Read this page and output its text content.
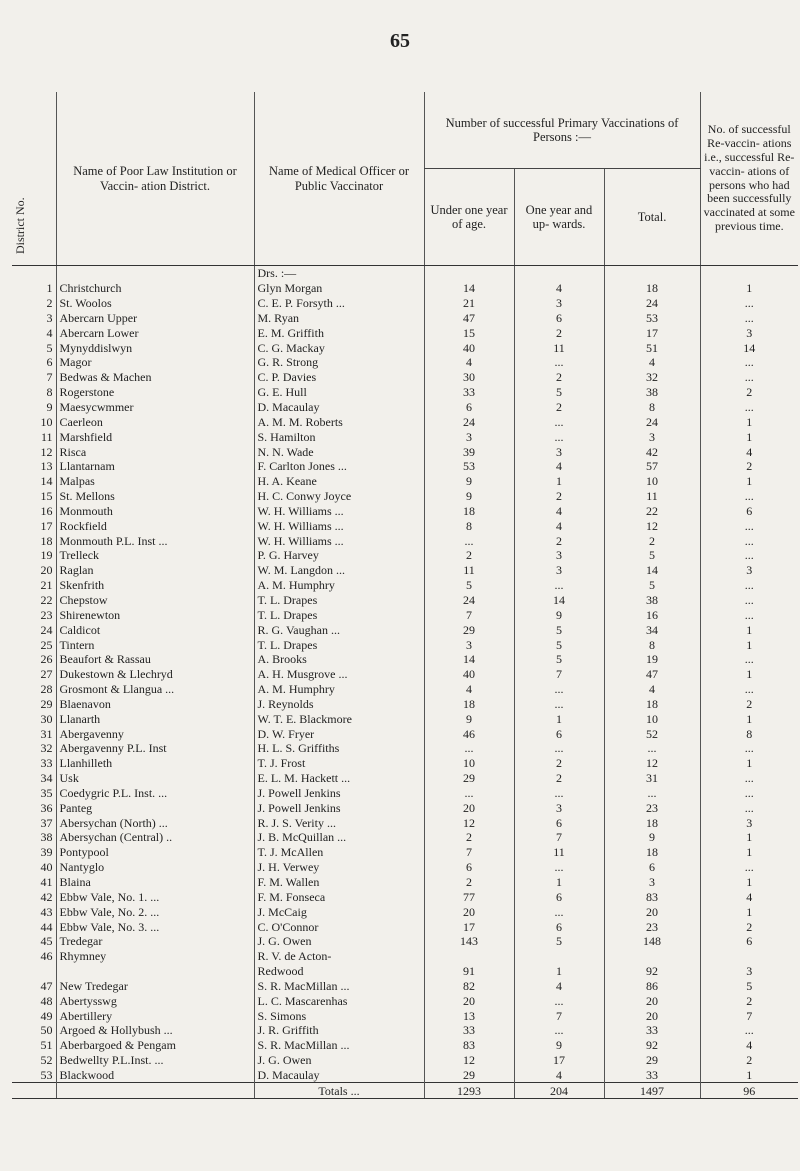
65
District No.	Name of Poor Law Institution or Vaccin- ation District.	Name of Medical Officer or Public Vaccinator	Number of successful Primary Vaccinations of Persons :—			No. of successful Re-vaccin- ations i.e., successful Re-vaccin- ations of persons who had been successfully vaccinated at some previous time.
			Under one year of age.	One year and up- wards.	Total.	
		Drs. :—				
1	Christchurch	Glyn Morgan	14	4	18	1
2	St. Woolos	C. E. P. Forsyth ...	21	3	24	...
3	Abercarn Upper	M. Ryan	47	6	53	...
4	Abercarn Lower	E. M. Griffith	15	2	17	3
5	Mynyddislwyn	C. G. Mackay	40	11	51	14
6	Magor	G. R. Strong	4	...	4	...
7	Bedwas & Machen	C. P. Davies	30	2	32	...
8	Rogerstone	G. E. Hull	33	5	38	2
9	Maesycwmmer	D. Macaulay	6	2	8	...
10	Caerleon	A. M. M. Roberts	24	...	24	1
11	Marshfield	S. Hamilton	3	...	3	1
12	Risca	N. N. Wade	39	3	42	4
13	Llantarnam	F. Carlton Jones ...	53	4	57	2
14	Malpas	H. A. Keane	9	1	10	1
15	St. Mellons	H. C. Conwy Joyce	9	2	11	...
16	Monmouth	W. H. Williams ...	18	4	22	6
17	Rockfield	W. H. Williams ...	8	4	12	...
18	Monmouth P.L. Inst ...	W. H. Williams ...	...	2	2	...
19	Trelleck	P. G. Harvey	2	3	5	...
20	Raglan	W. M. Langdon ...	11	3	14	3
21	Skenfrith	A. M. Humphry	5	...	5	...
22	Chepstow	T. L. Drapes	24	14	38	...
23	Shirenewton	T. L. Drapes	7	9	16	...
24	Caldicot	R. G. Vaughan ...	29	5	34	1
25	Tintern	T. L. Drapes	3	5	8	1
26	Beaufort & Rassau	A. Brooks	14	5	19	...
27	Dukestown & Llechryd	A. H. Musgrove ...	40	7	47	1
28	Grosmont & Llangua ...	A. M. Humphry	4	...	4	...
29	Blaenavon	J. Reynolds	18	...	18	2
30	Llanarth	W. T. E. Blackmore	9	1	10	1
31	Abergavenny	D. W. Fryer	46	6	52	8
32	Abergavenny P.L. Inst	H. L. S. Griffiths	...	...	...	...
33	Llanhilleth	T. J. Frost	10	2	12	1
34	Usk	E. L. M. Hackett ...	29	2	31	...
35	Coedygric P.L. Inst. ...	J. Powell Jenkins	...	...	...	...
36	Panteg	J. Powell Jenkins	20	3	23	...
37	Abersychan (North) ...	R. J. S. Verity ...	12	6	18	3
38	Abersychan (Central) ..	J. B. McQuillan ...	2	7	9	1
39	Pontypool	T. J. McAllen	7	11	18	1
40	Nantyglo	J. H. Verwey	6	...	6	...
41	Blaina	F. M. Wallen	2	1	3	1
42	Ebbw Vale, No. 1. ...	F. M. Fonseca	77	6	83	4
43	Ebbw Vale, No. 2. ...	J. McCaig	20	...	20	1
44	Ebbw Vale, No. 3. ...	C. O'Connor	17	6	23	2
45	Tredegar	J. G. Owen	143	5	148	6
46	Rhymney	R. V. de Acton-				
		Redwood	91	1	92	3
47	New Tredegar	S. R. MacMillan ...	82	4	86	5
48	Abertysswg	L. C. Mascarenhas	20	...	20	2
49	Abertillery	S. Simons	13	7	20	7
50	Argoed & Hollybush ...	J. R. Griffith	33	...	33	...
51	Aberbargoed & Pengam	S. R. MacMillan ...	83	9	92	4
52	Bedwellty P.L.Inst. ...	J. G. Owen	12	17	29	2
53	Blackwood	D. Macaulay	29	4	33	1
		Totals ...	1293	204	1497	96
